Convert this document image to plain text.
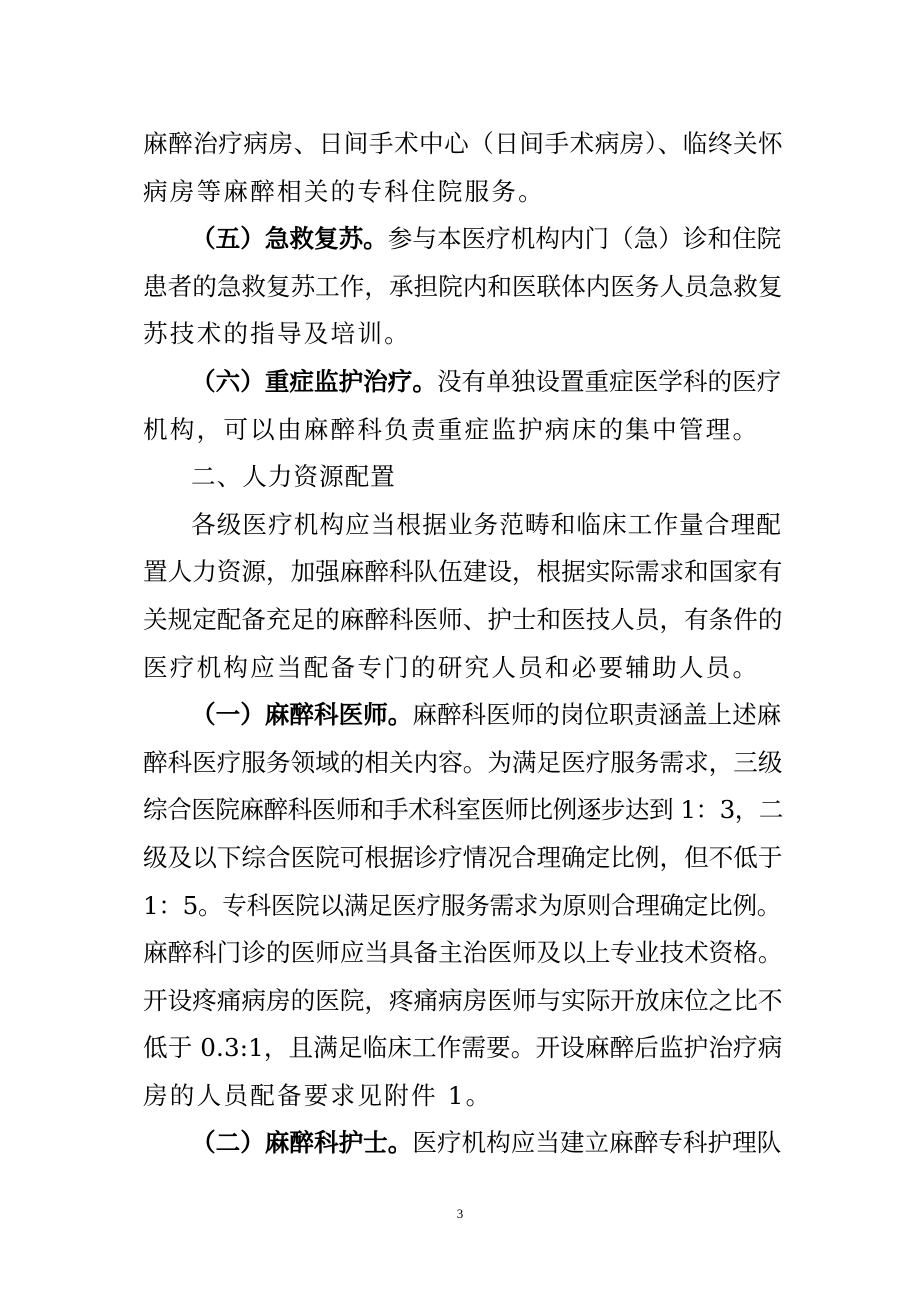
麻醉治疗病房、日间手术中心（日间手术病房）、临终关怀
病房等麻醉相关的专科住院服务。

（五）急救复苏。参与本医疗机构内门（急）诊和住院
患者的急救复苏工作，承担院内和医联体内医务人员急救复
苏技术的指导及培训。

（六）重症监护治疗。没有单独设置重症医学科的医疗
机构，可以由麻醉科负责重症监护病床的集中管理。

二、人力资源配置

各级医疗机构应当根据业务范畴和临床工作量合理配
置人力资源，加强麻醉科队伍建设，根据实际需求和国家有
关规定配备充足的麻醉科医师、护士和医技人员，有条件的
医疗机构应当配备专门的研究人员和必要辅助人员。

（一）麻醉科医师。麻醉科医师的岗位职责涵盖上述麻
醉科医疗服务领域的相关内容。为满足医疗服务需求，三级
综合医院麻醉科医师和手术科室医师比例逐步达到 1：3，二
级及以下综合医院可根据诊疗情况合理确定比例，但不低于
1：5。专科医院以满足医疗服务需求为原则合理确定比例。
麻醉科门诊的医师应当具备主治医师及以上专业技术资格。
开设疼痛病房的医院，疼痛病房医师与实际开放床位之比不
低于 0.3:1，且满足临床工作需要。开设麻醉后监护治疗病
房的人员配备要求见附件 1。

（二）麻醉科护士。医疗机构应当建立麻醉专科护理队

3
